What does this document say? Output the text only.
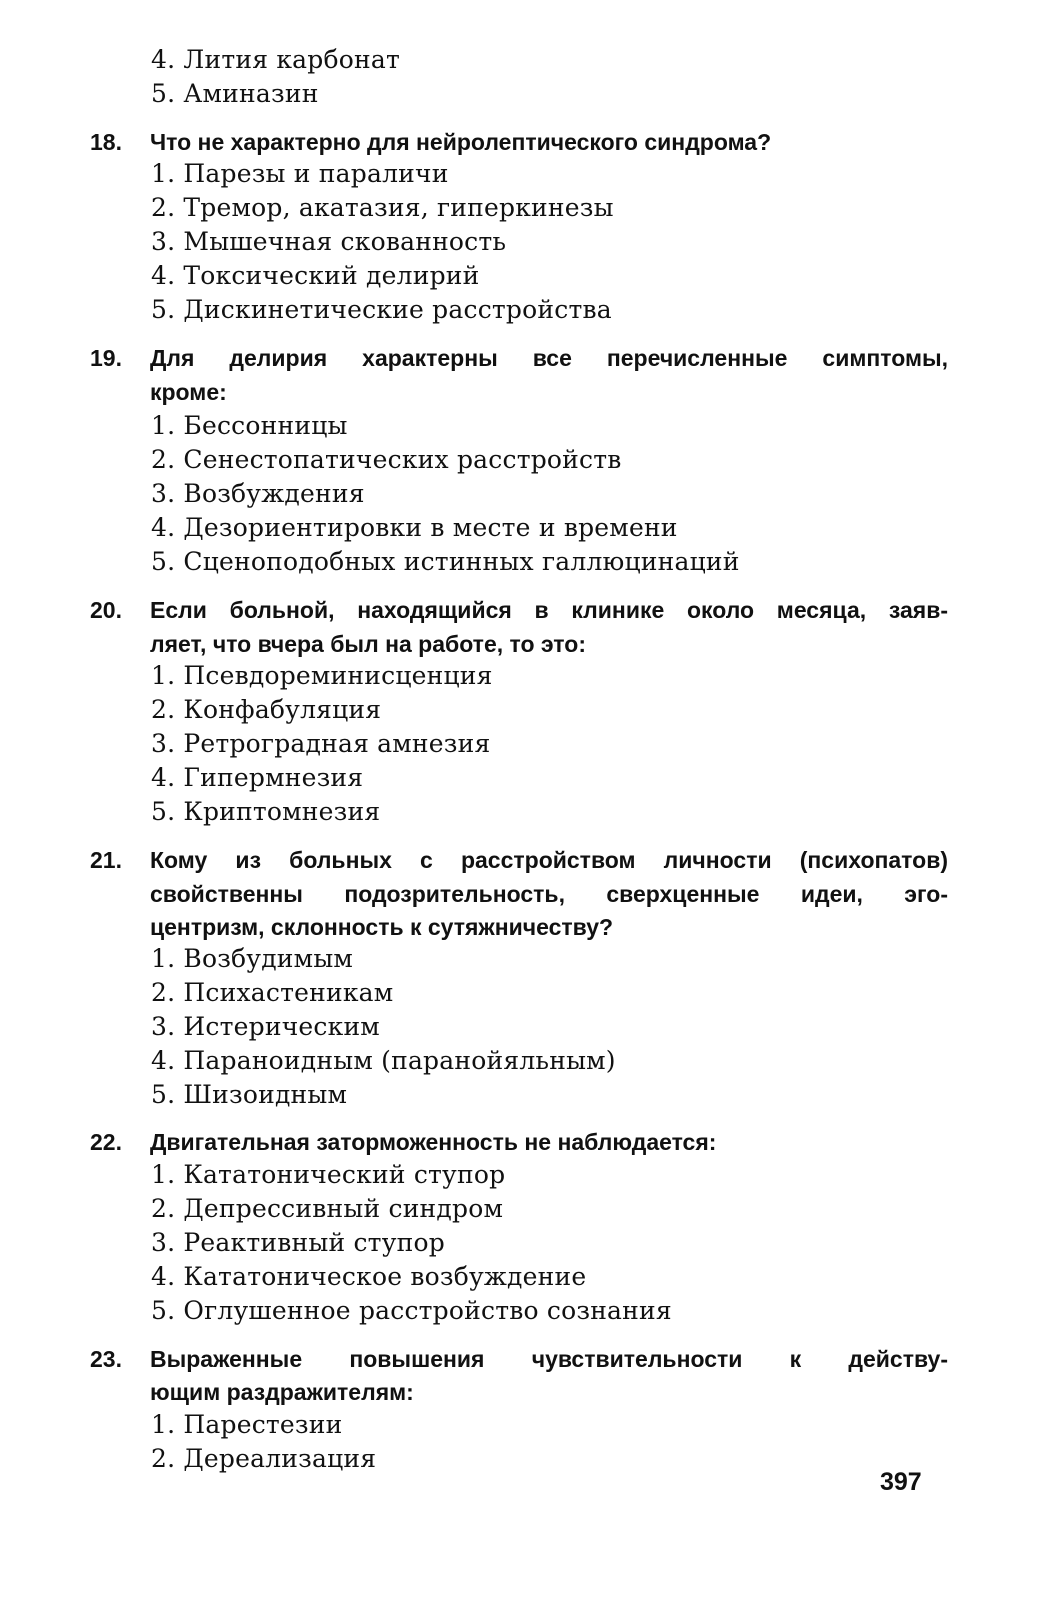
4. Лития карбонат
5. Аминазин
18. Что не характерно для нейролептического синдрома?
1. Парезы и параличи
2. Тремор, акатазия, гиперкинезы
3. Мышечная скованность
4. Токсический делирий
5. Дискинетические расстройства
19. Для делирия характерны все перечисленные симптомы,
кроме:
1. Бессонницы
2. Сенестопатических расстройств
3. Возбуждения
4. Дезориентировки в месте и времени
5. Сценоподобных истинных галлюцинаций
20. Если больной, находящийся в клинике около месяца, заяв-
ляет, что вчера был на работе, то это:
1. Псевдореминисценция
2. Конфабуляция
3. Ретроградная амнезия
4. Гипермнезия
5. Криптомнезия
21. Кому из больных с расстройством личности (психопатов)
свойственны подозрительность, сверхценные идеи, эго-
центризм, склонность к сутяжничеству?
1. Возбудимым
2. Психастеникам
3. Истерическим
4. Параноидным (паранойяльным)
5. Шизоидным
22. Двигательная заторможенность не наблюдается:
1. Кататонический ступор
2. Депрессивный синдром
3. Реактивный ступор
4. Кататоническое возбуждение
5. Оглушенное расстройство сознания
23. Выраженные повышения чувствительности к действу-
ющим раздражителям:
1. Парестезии
2. Дереализация
397
